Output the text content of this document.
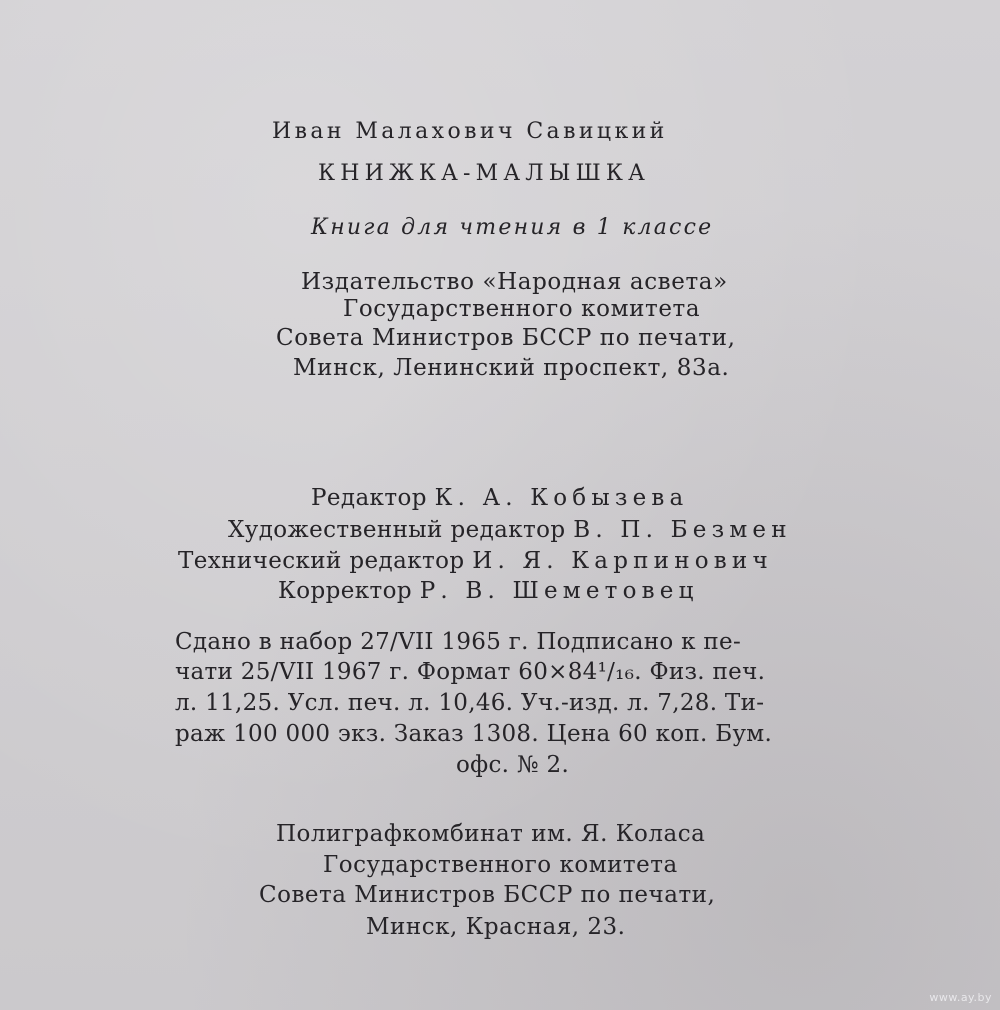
Иван Малахович Савицкий

КНИЖКА-МАЛЫШКА

Книга для чтения в 1 классе

Издательство «Народная асвета»

Государственного комитета

Совета Министров БССР по печати,

Минск, Ленинский проспект, 83а.

Редактор К. А. Кобызева

Художественный редактор В. П. Безмен

Технический редактор И. Я. Карпинович

Корректор Р. В. Шеметовец

Сдано в набор 27/VII 1965 г. Подписано к пе-

чати 25/VII 1967 г. Формат 60×84¹/₁₆. Физ. печ.

л. 11,25. Усл. печ. л. 10,46. Уч.-изд. л. 7,28. Ти-

раж 100 000 экз. Заказ 1308. Цена 60 коп. Бум.

офс. № 2.

Полиграфкомбинат им. Я. Коласа

Государственного комитета

Совета Министров БССР по печати,

Минск, Красная, 23.

www.ay.by
